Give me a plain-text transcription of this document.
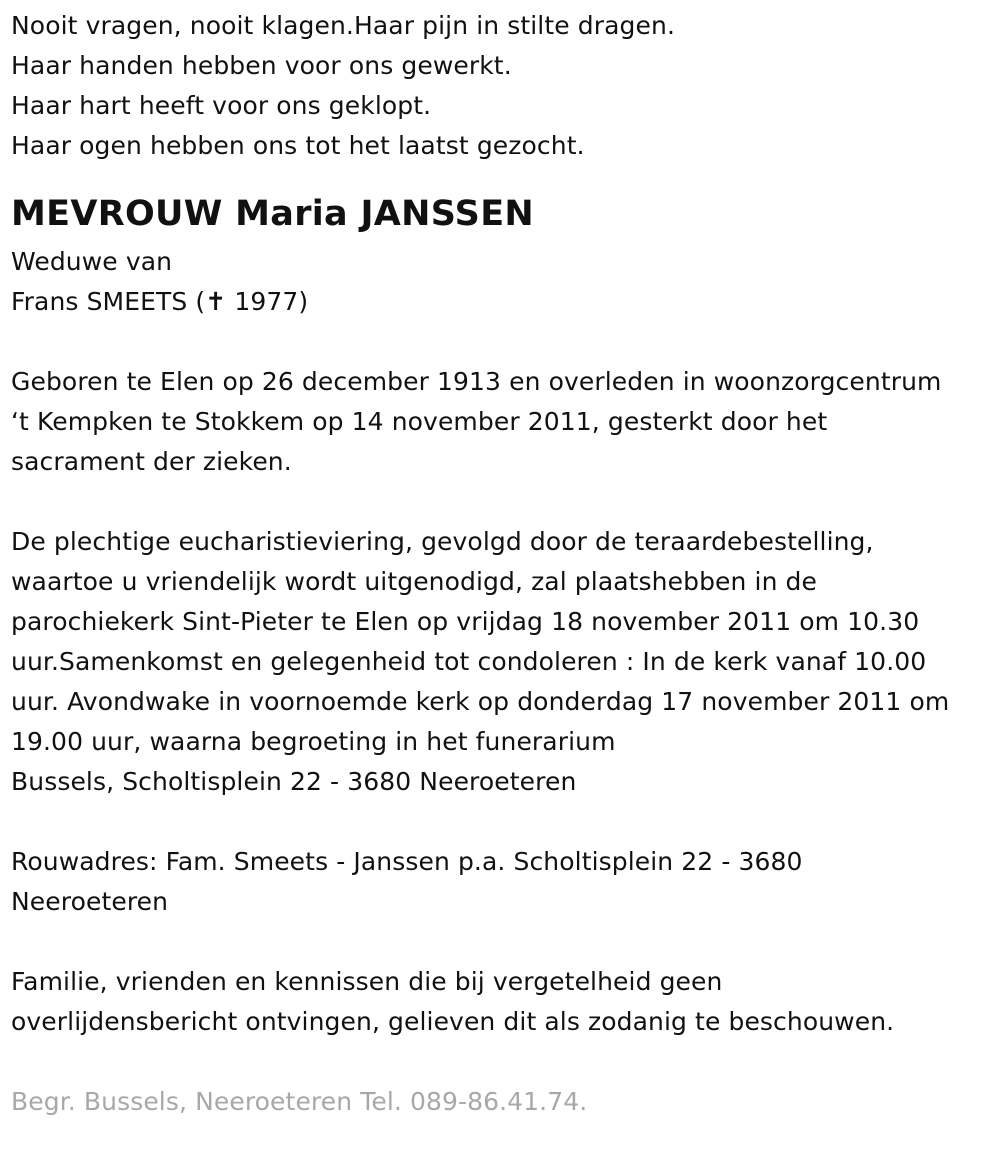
Nooit vragen, nooit klagen.Haar pijn in stilte dragen.
Haar handen hebben voor ons gewerkt.
Haar hart heeft voor ons geklopt.
Haar ogen hebben ons tot het laatst gezocht.
MEVROUW Maria JANSSEN
Weduwe van
Frans SMEETS (✝ 1977)
Geboren te Elen op 26 december 1913 en overleden in woonzorgcentrum
‘t Kempken te Stokkem op 14 november 2011, gesterkt door het
sacrament der zieken.
De plechtige eucharistieviering, gevolgd door de teraardebestelling,
waartoe u vriendelijk wordt uitgenodigd, zal plaatshebben in de
parochiekerk Sint-Pieter te Elen op vrijdag 18 november 2011 om 10.30
uur.Samenkomst en gelegenheid tot condoleren : In de kerk vanaf 10.00
uur. Avondwake in voornoemde kerk op donderdag 17 november 2011 om
19.00 uur, waarna begroeting in het funerarium
Bussels, Scholtisplein 22 - 3680 Neeroeteren
Rouwadres: Fam. Smeets - Janssen p.a. Scholtisplein 22 - 3680
Neeroeteren
Familie, vrienden en kennissen die bij vergetelheid geen
overlijdensbericht ontvingen, gelieven dit als zodanig te beschouwen.
Begr. Bussels, Neeroeteren Tel. 089-86.41.74.
